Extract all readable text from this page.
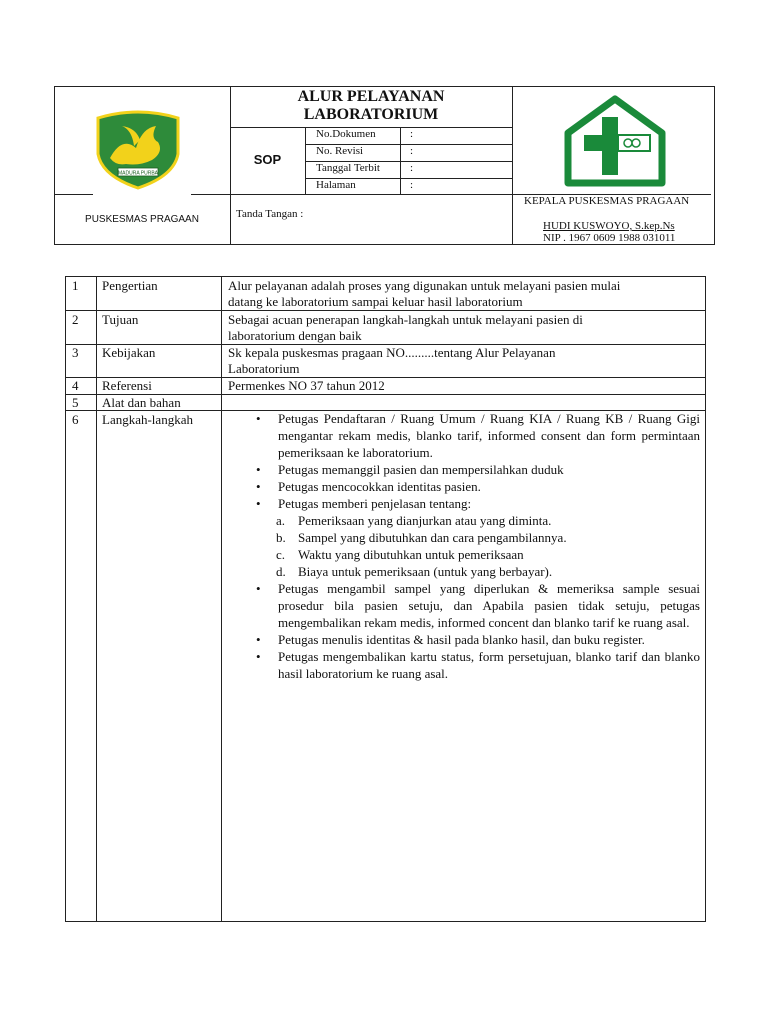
MADURA PURBA
PUSKESMAS PRAGAAN
ALUR PELAYANAN
LABORATORIUM
SOP
No.Dokumen	:
No. Revisi	:
Tanggal Terbit	:
Halaman	:
Tanda Tangan :
KEPALA PUSKESMAS PRAGAAN
HUDI KUSWOYO, S.kep.Ns
NIP . 1967 0609 1988 031011
1 Pengertian	Alur pelayanan adalah proses yang digunakan untuk melayani pasien mulai
datang ke laboratorium sampai keluar hasil laboratorium
2 Tujuan	Sebagai acuan penerapan langkah-langkah untuk melayani pasien di
laboratorium dengan baik
3 Kebijakan	Sk kepala puskesmas pragaan NO.........tentang Alur Pelayanan
Laboratorium
4 Referensi	Permenkes NO 37 tahun 2012
5 Alat dan bahan
6 Langkah-langkah	• Petugas Pendaftaran / Ruang Umum / Ruang KIA / Ruang KB / Ruang Gigi mengantar rekam medis, blanko tarif, informed consent dan form permintaan pemeriksaan ke laboratorium.
• Petugas memanggil pasien dan mempersilahkan duduk
• Petugas mencocokkan identitas pasien.
• Petugas memberi penjelasan tentang:
a. Pemeriksaan yang dianjurkan atau yang diminta.
b. Sampel yang dibutuhkan dan cara pengambilannya.
c. Waktu yang dibutuhkan untuk pemeriksaan
d. Biaya untuk pemeriksaan (untuk yang berbayar).
• Petugas mengambil sampel yang diperlukan & memeriksa sample sesuai prosedur bila pasien setuju, dan Apabila pasien tidak setuju, petugas mengembalikan rekam medis, informed concent dan blanko tarif ke ruang asal.
• Petugas menulis identitas & hasil pada blanko hasil, dan buku register.
• Petugas mengembalikan kartu status, form persetujuan, blanko tarif dan blanko hasil laboratorium ke ruang asal.
